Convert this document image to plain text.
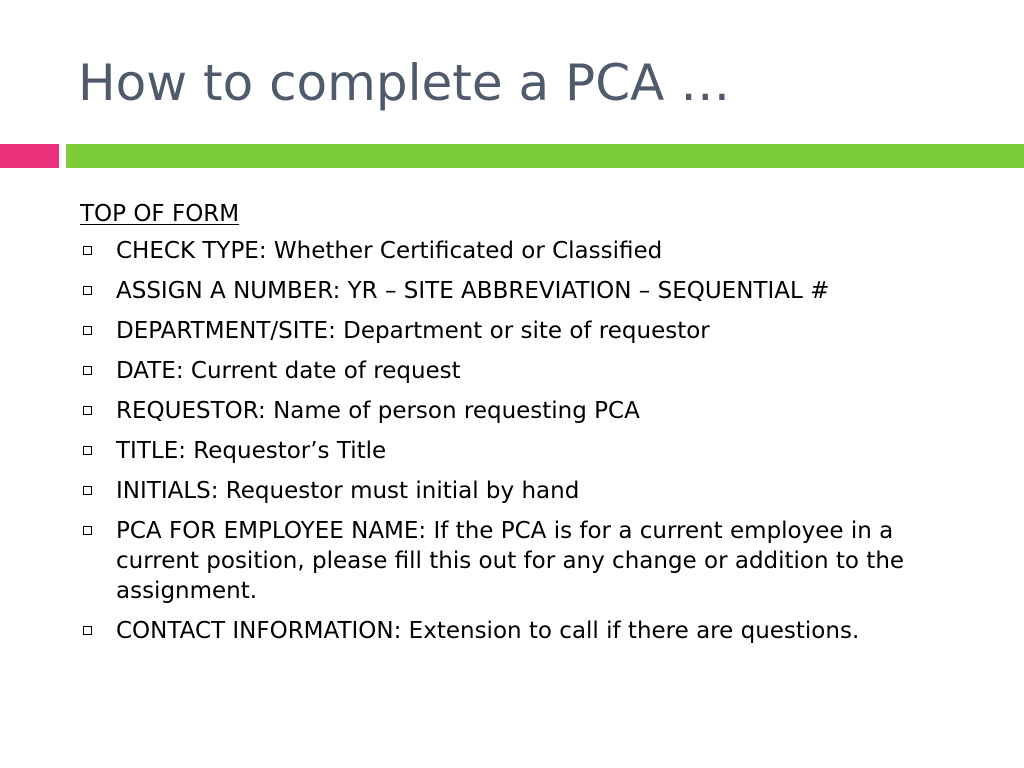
How to complete a PCA …
TOP OF FORM
CHECK TYPE: Whether Certificated or Classified
ASSIGN A NUMBER: YR – SITE ABBREVIATION – SEQUENTIAL #
DEPARTMENT/SITE: Department or site of requestor
DATE: Current date of request
REQUESTOR: Name of person requesting PCA
TITLE: Requestor’s Title
INITIALS: Requestor must initial by hand
PCA FOR EMPLOYEE NAME: If the PCA is for a current employee in a current position, please fill this out for any change or addition to the assignment.
CONTACT INFORMATION: Extension to call if there are questions.
